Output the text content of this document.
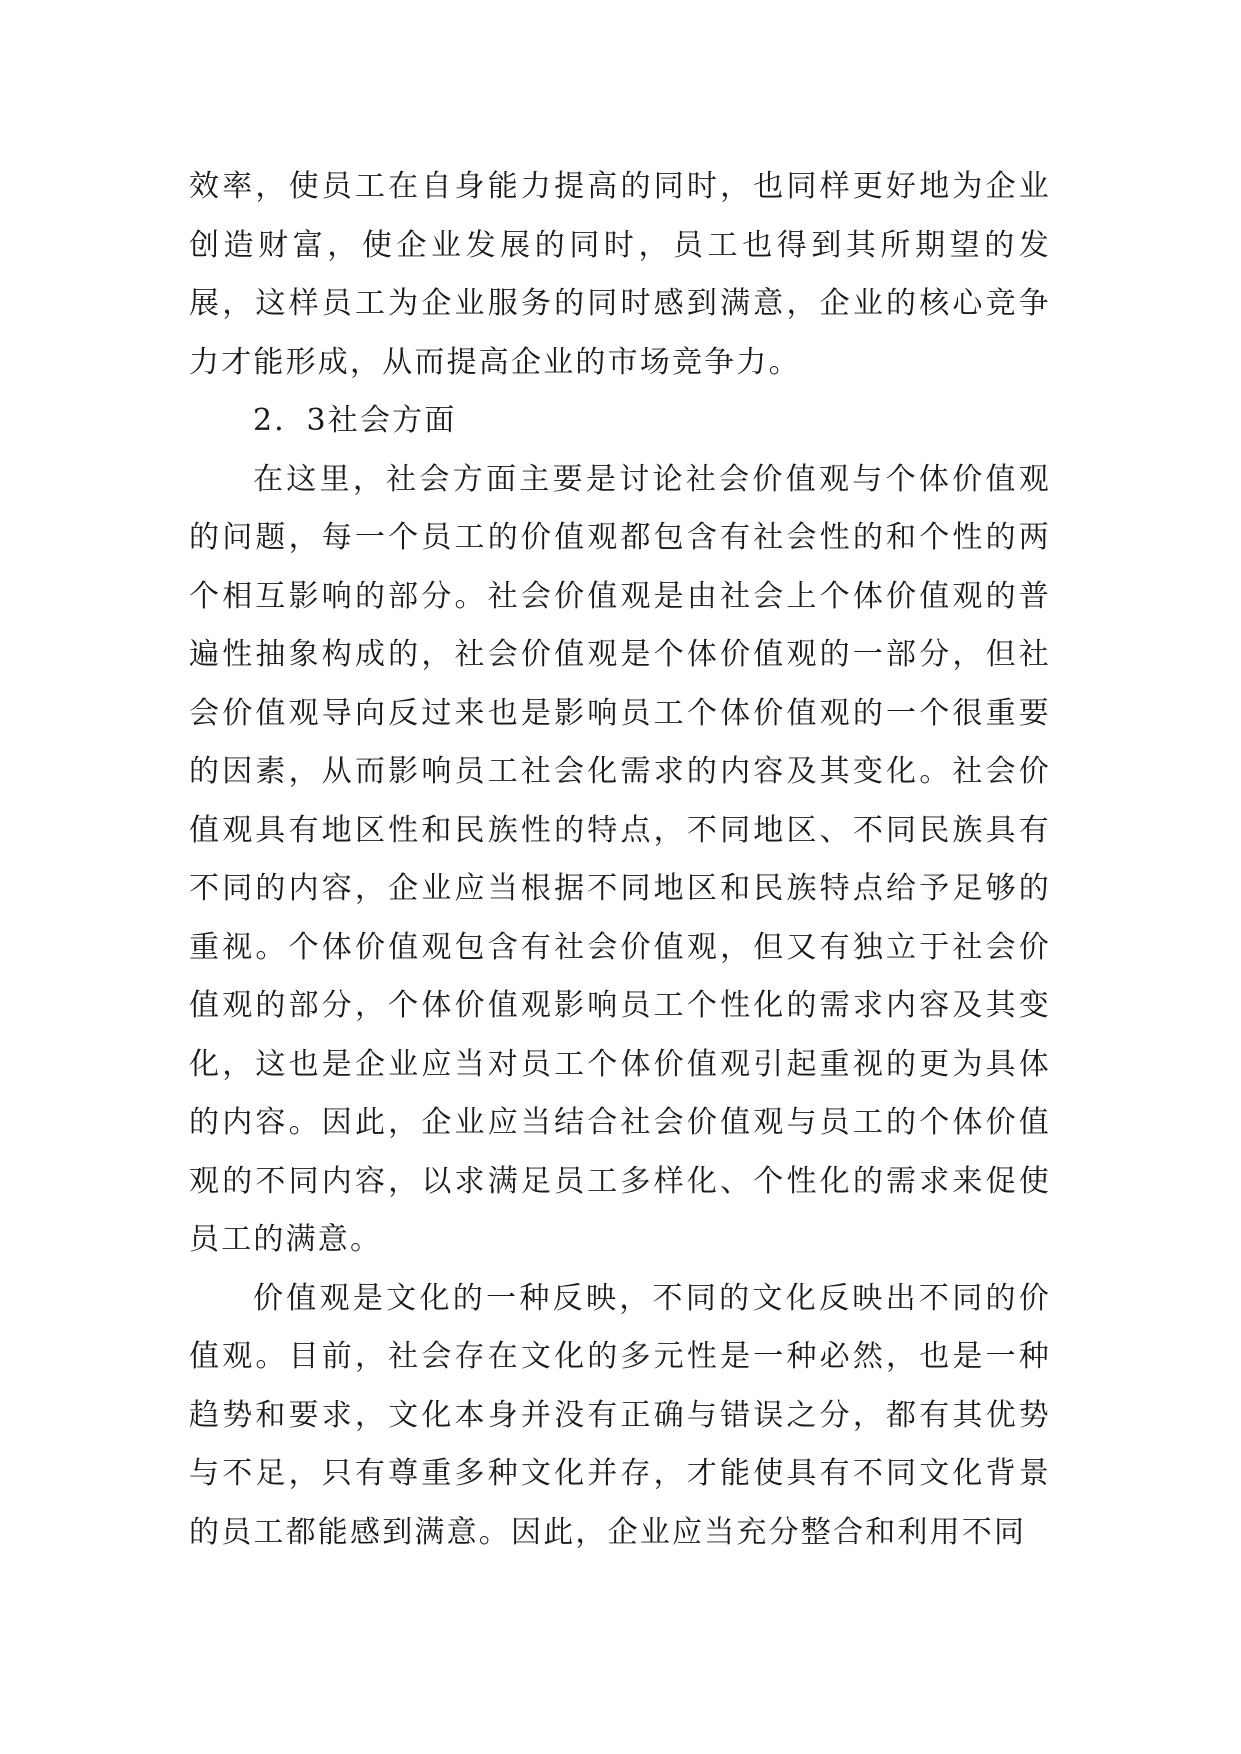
效率，使员工在自身能力提高的同时，也同样更好地为企业创造财富，使企业发展的同时，员工也得到其所期望的发展，这样员工为企业服务的同时感到满意，企业的核心竞争力才能形成，从而提高企业的市场竞争力。

2．3社会方面

在这里，社会方面主要是讨论社会价值观与个体价值观的问题，每一个员工的价值观都包含有社会性的和个性的两个相互影响的部分。社会价值观是由社会上个体价值观的普遍性抽象构成的，社会价值观是个体价值观的一部分，但社会价值观导向反过来也是影响员工个体价值观的一个很重要的因素，从而影响员工社会化需求的内容及其变化。社会价值观具有地区性和民族性的特点，不同地区、不同民族具有不同的内容，企业应当根据不同地区和民族特点给予足够的重视。个体价值观包含有社会价值观，但又有独立于社会价值观的部分，个体价值观影响员工个性化的需求内容及其变化，这也是企业应当对员工个体价值观引起重视的更为具体的内容。因此，企业应当结合社会价值观与员工的个体价值观的不同内容，以求满足员工多样化、个性化的需求来促使员工的满意。

价值观是文化的一种反映，不同的文化反映出不同的价值观。目前，社会存在文化的多元性是一种必然，也是一种趋势和要求，文化本身并没有正确与错误之分，都有其优势与不足，只有尊重多种文化并存，才能使具有不同文化背景的员工都能感到满意。因此，企业应当充分整合和利用不同
